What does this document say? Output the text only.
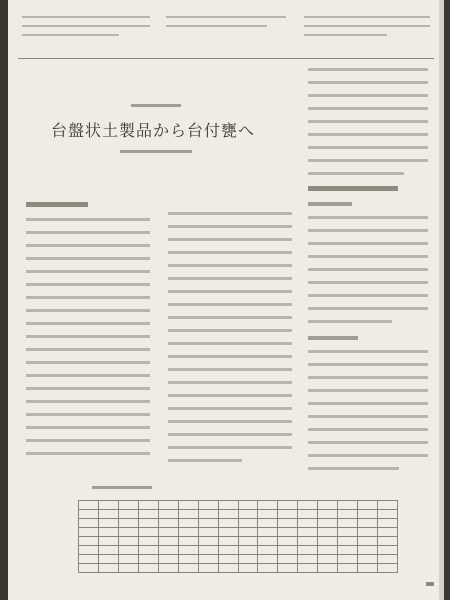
台盤状土製品から台付甕へ
